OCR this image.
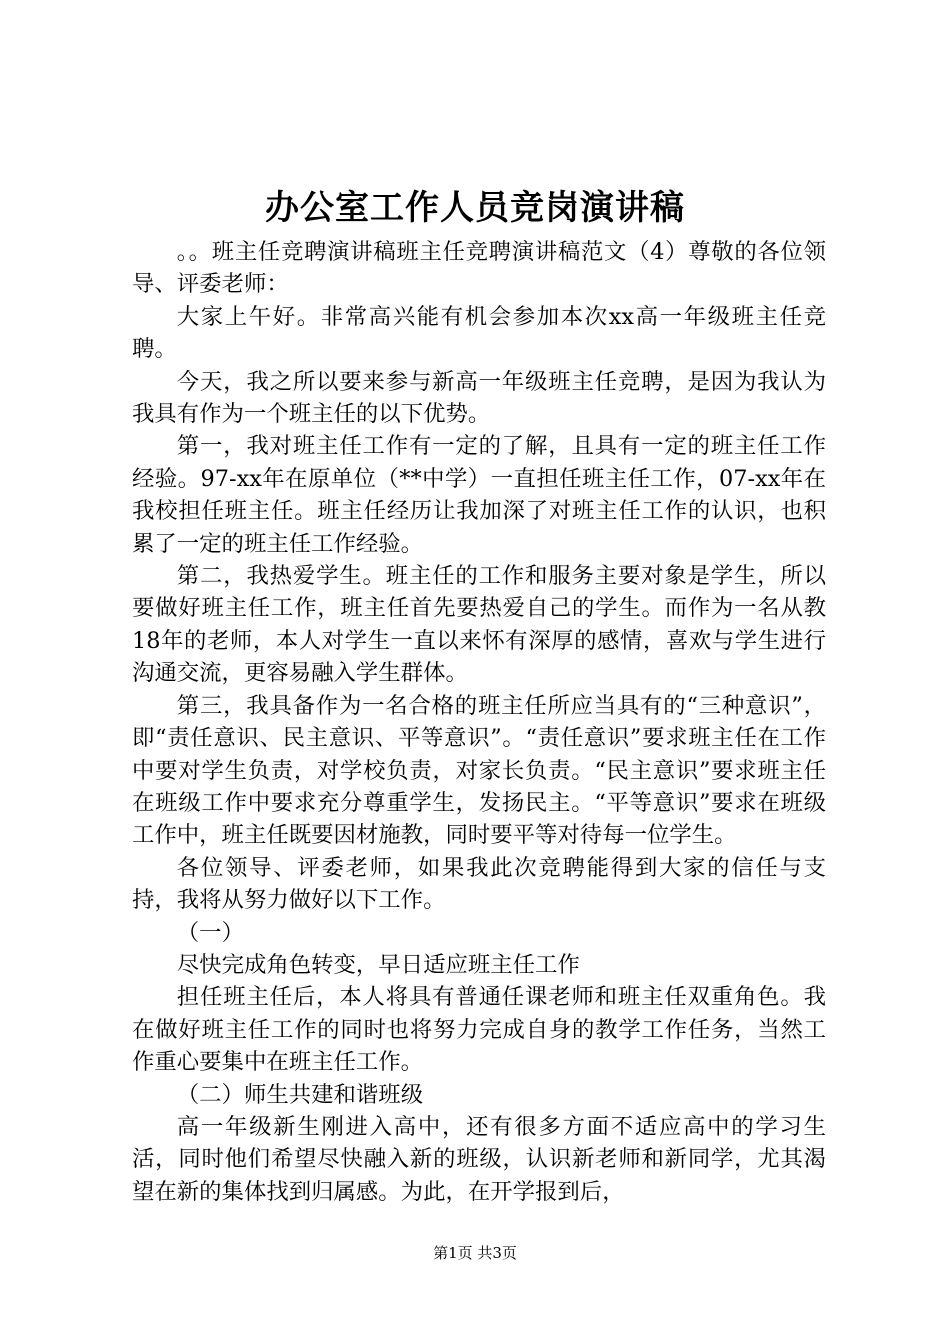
办公室工作人员竞岗演讲稿

。。班主任竞聘演讲稿班主任竞聘演讲稿范文（4）尊敬的各位领导、评委老师：

大家上午好。非常高兴能有机会参加本次xx高一年级班主任竞聘。

今天，我之所以要来参与新高一年级班主任竞聘，是因为我认为我具有作为一个班主任的以下优势。

第一，我对班主任工作有一定的了解，且具有一定的班主任工作经验。97-xx年在原单位（**中学）一直担任班主任工作，07-xx年在我校担任班主任。班主任经历让我加深了对班主任工作的认识，也积累了一定的班主任工作经验。

第二，我热爱学生。班主任的工作和服务主要对象是学生，所以要做好班主任工作，班主任首先要热爱自己的学生。而作为一名从教18年的老师，本人对学生一直以来怀有深厚的感情，喜欢与学生进行沟通交流，更容易融入学生群体。

第三，我具备作为一名合格的班主任所应当具有的“三种意识”，即“责任意识、民主意识、平等意识”。“责任意识”要求班主任在工作中要对学生负责，对学校负责，对家长负责。“民主意识”要求班主任在班级工作中要求充分尊重学生，发扬民主。“平等意识”要求在班级工作中，班主任既要因材施教，同时要平等对待每一位学生。

各位领导、评委老师，如果我此次竞聘能得到大家的信任与支持，我将从努力做好以下工作。

（一）

尽快完成角色转变，早日适应班主任工作

担任班主任后，本人将具有普通任课老师和班主任双重角色。我在做好班主任工作的同时也将努力完成自身的教学工作任务，当然工作重心要集中在班主任工作。

（二）师生共建和谐班级

高一年级新生刚进入高中，还有很多方面不适应高中的学习生活，同时他们希望尽快融入新的班级，认识新老师和新同学，尤其渴望在新的集体找到归属感。为此，在开学报到后，

第1页 共3页
